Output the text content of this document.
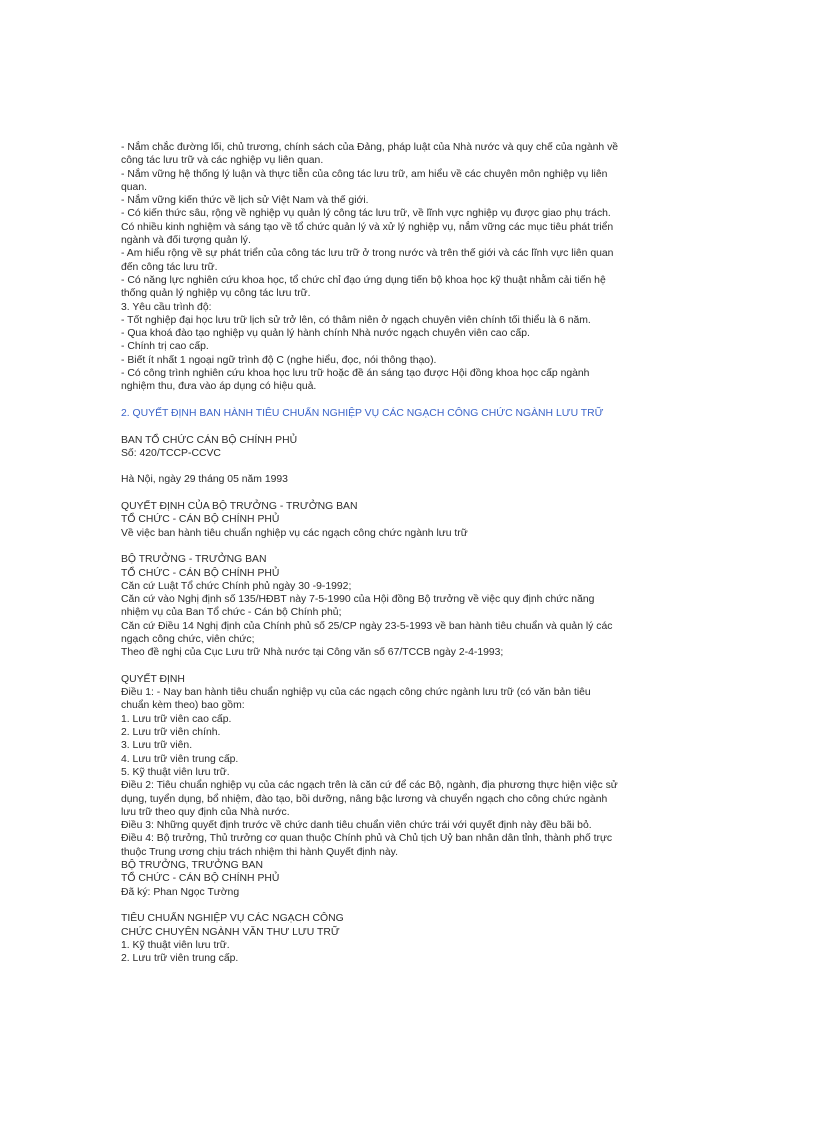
- Nắm chắc đường lối, chủ trương, chính sách của Đảng, pháp luật của Nhà nước và quy chế của ngành về
công tác lưu trữ và các nghiệp vụ liên quan.
- Nắm vững hệ thống lý luận và thực tiễn của công tác lưu trữ, am hiểu về các chuyên môn nghiệp vụ liên
quan.
- Nắm vững kiến thức về lịch sử Việt Nam và thế giới.
- Có kiến thức sâu, rộng về nghiệp vụ quản lý công tác lưu trữ, về lĩnh vực nghiệp vụ được giao phụ trách.
Có nhiều kinh nghiệm và sáng tạo về tổ chức quản lý và xử lý nghiệp vụ, nắm vững các mục tiêu phát triển
ngành và đối tượng quản lý.
- Am hiểu rộng về sự phát triển của công tác lưu trữ ở trong nước và trên thế giới và các lĩnh vực liên quan
đến công tác lưu trữ.
- Có năng lực nghiên cứu khoa học, tổ chức chỉ đạo ứng dụng tiến bộ khoa học kỹ thuật nhằm cải tiến hệ
thống quản lý nghiệp vụ công tác lưu trữ.
3. Yêu cầu trình độ:
- Tốt nghiệp đại học lưu trữ lịch sử trở lên, có thâm niên ở ngạch chuyên viên chính tối thiểu là 6 năm.
- Qua khoá đào tạo nghiệp vụ quản lý hành chính Nhà nước ngạch chuyên viên cao cấp.
- Chính trị cao cấp.
- Biết ít nhất 1 ngoại ngữ trình độ C (nghe hiểu, đọc, nói thông thạo).
- Có công trình nghiên cứu khoa học lưu trữ hoặc đề án sáng tạo được Hội đồng khoa học cấp ngành
nghiệm thu, đưa vào áp dụng có hiệu quả.
2. QUYẾT ĐỊNH BAN HÀNH TIÊU CHUẨN NGHIỆP VỤ CÁC NGẠCH CÔNG CHỨC NGÀNH LƯU TRỮ
BAN TỔ CHỨC CÁN BỘ CHÍNH PHỦ
Số: 420/TCCP-CCVC
Hà Nội, ngày 29 tháng 05 năm 1993
QUYẾT ĐỊNH CỦA BỘ TRƯỞNG - TRƯỞNG BAN
TỔ CHỨC - CÁN BỘ CHÍNH PHỦ
Về việc ban hành tiêu chuẩn nghiệp vụ các ngạch công chức ngành lưu trữ
BỘ TRƯỞNG - TRƯỞNG BAN
TỔ CHỨC - CÁN BỘ CHÍNH PHỦ
Căn cứ Luật Tổ chức Chính phủ ngày 30 -9-1992;
Căn cứ vào Nghị định số 135/HĐBT này 7-5-1990 của Hội đồng Bộ trưởng về việc quy định chức năng
nhiệm vụ của Ban Tổ chức - Cán bộ Chính phủ;
Căn cứ Điều 14 Nghị định của Chính phủ số 25/CP ngày 23-5-1993 về ban hành tiêu chuẩn và quản lý các
ngạch công chức, viên chức;
Theo đề nghị của Cục Lưu trữ Nhà nước tại Công văn số 67/TCCB ngày 2-4-1993;
QUYẾT ĐỊNH
Điều 1: - Nay ban hành tiêu chuẩn nghiệp vụ của các ngạch công chức ngành lưu trữ (có văn bản tiêu
chuẩn kèm theo) bao gồm:
1. Lưu trữ viên cao cấp.
2. Lưu trữ viên chính.
3. Lưu trữ viên.
4. Lưu trữ viên trung cấp.
5. Kỹ thuật viên lưu trữ.
Điều 2: Tiêu chuẩn nghiệp vụ của các ngạch trên là căn cứ để các Bộ, ngành, địa phương thực hiện việc sử
dụng, tuyển dụng, bổ nhiệm, đào tạo, bồi dưỡng, nâng bậc lương và chuyển ngạch cho công chức ngành
lưu trữ theo quy định của Nhà nước.
Điều 3: Những quyết định trước về chức danh tiêu chuẩn viên chức trái với quyết định này đều bãi bỏ.
Điều 4: Bộ trưởng, Thủ trưởng cơ quan thuộc Chính phủ và Chủ tịch Uỷ ban nhân dân tỉnh, thành phố trực
thuộc Trung ương chịu trách nhiệm thi hành Quyết định này.
BỘ TRƯỞNG, TRƯỞNG BAN
TỔ CHỨC - CÁN BỘ CHÍNH PHỦ
Đã ký: Phan Ngọc Tường
TIÊU CHUẨN NGHIỆP VỤ CÁC NGẠCH CÔNG
CHỨC CHUYÊN NGÀNH VĂN THƯ LƯU TRỮ
1. Kỹ thuật viên lưu trữ.
2. Lưu trữ viên trung cấp.
